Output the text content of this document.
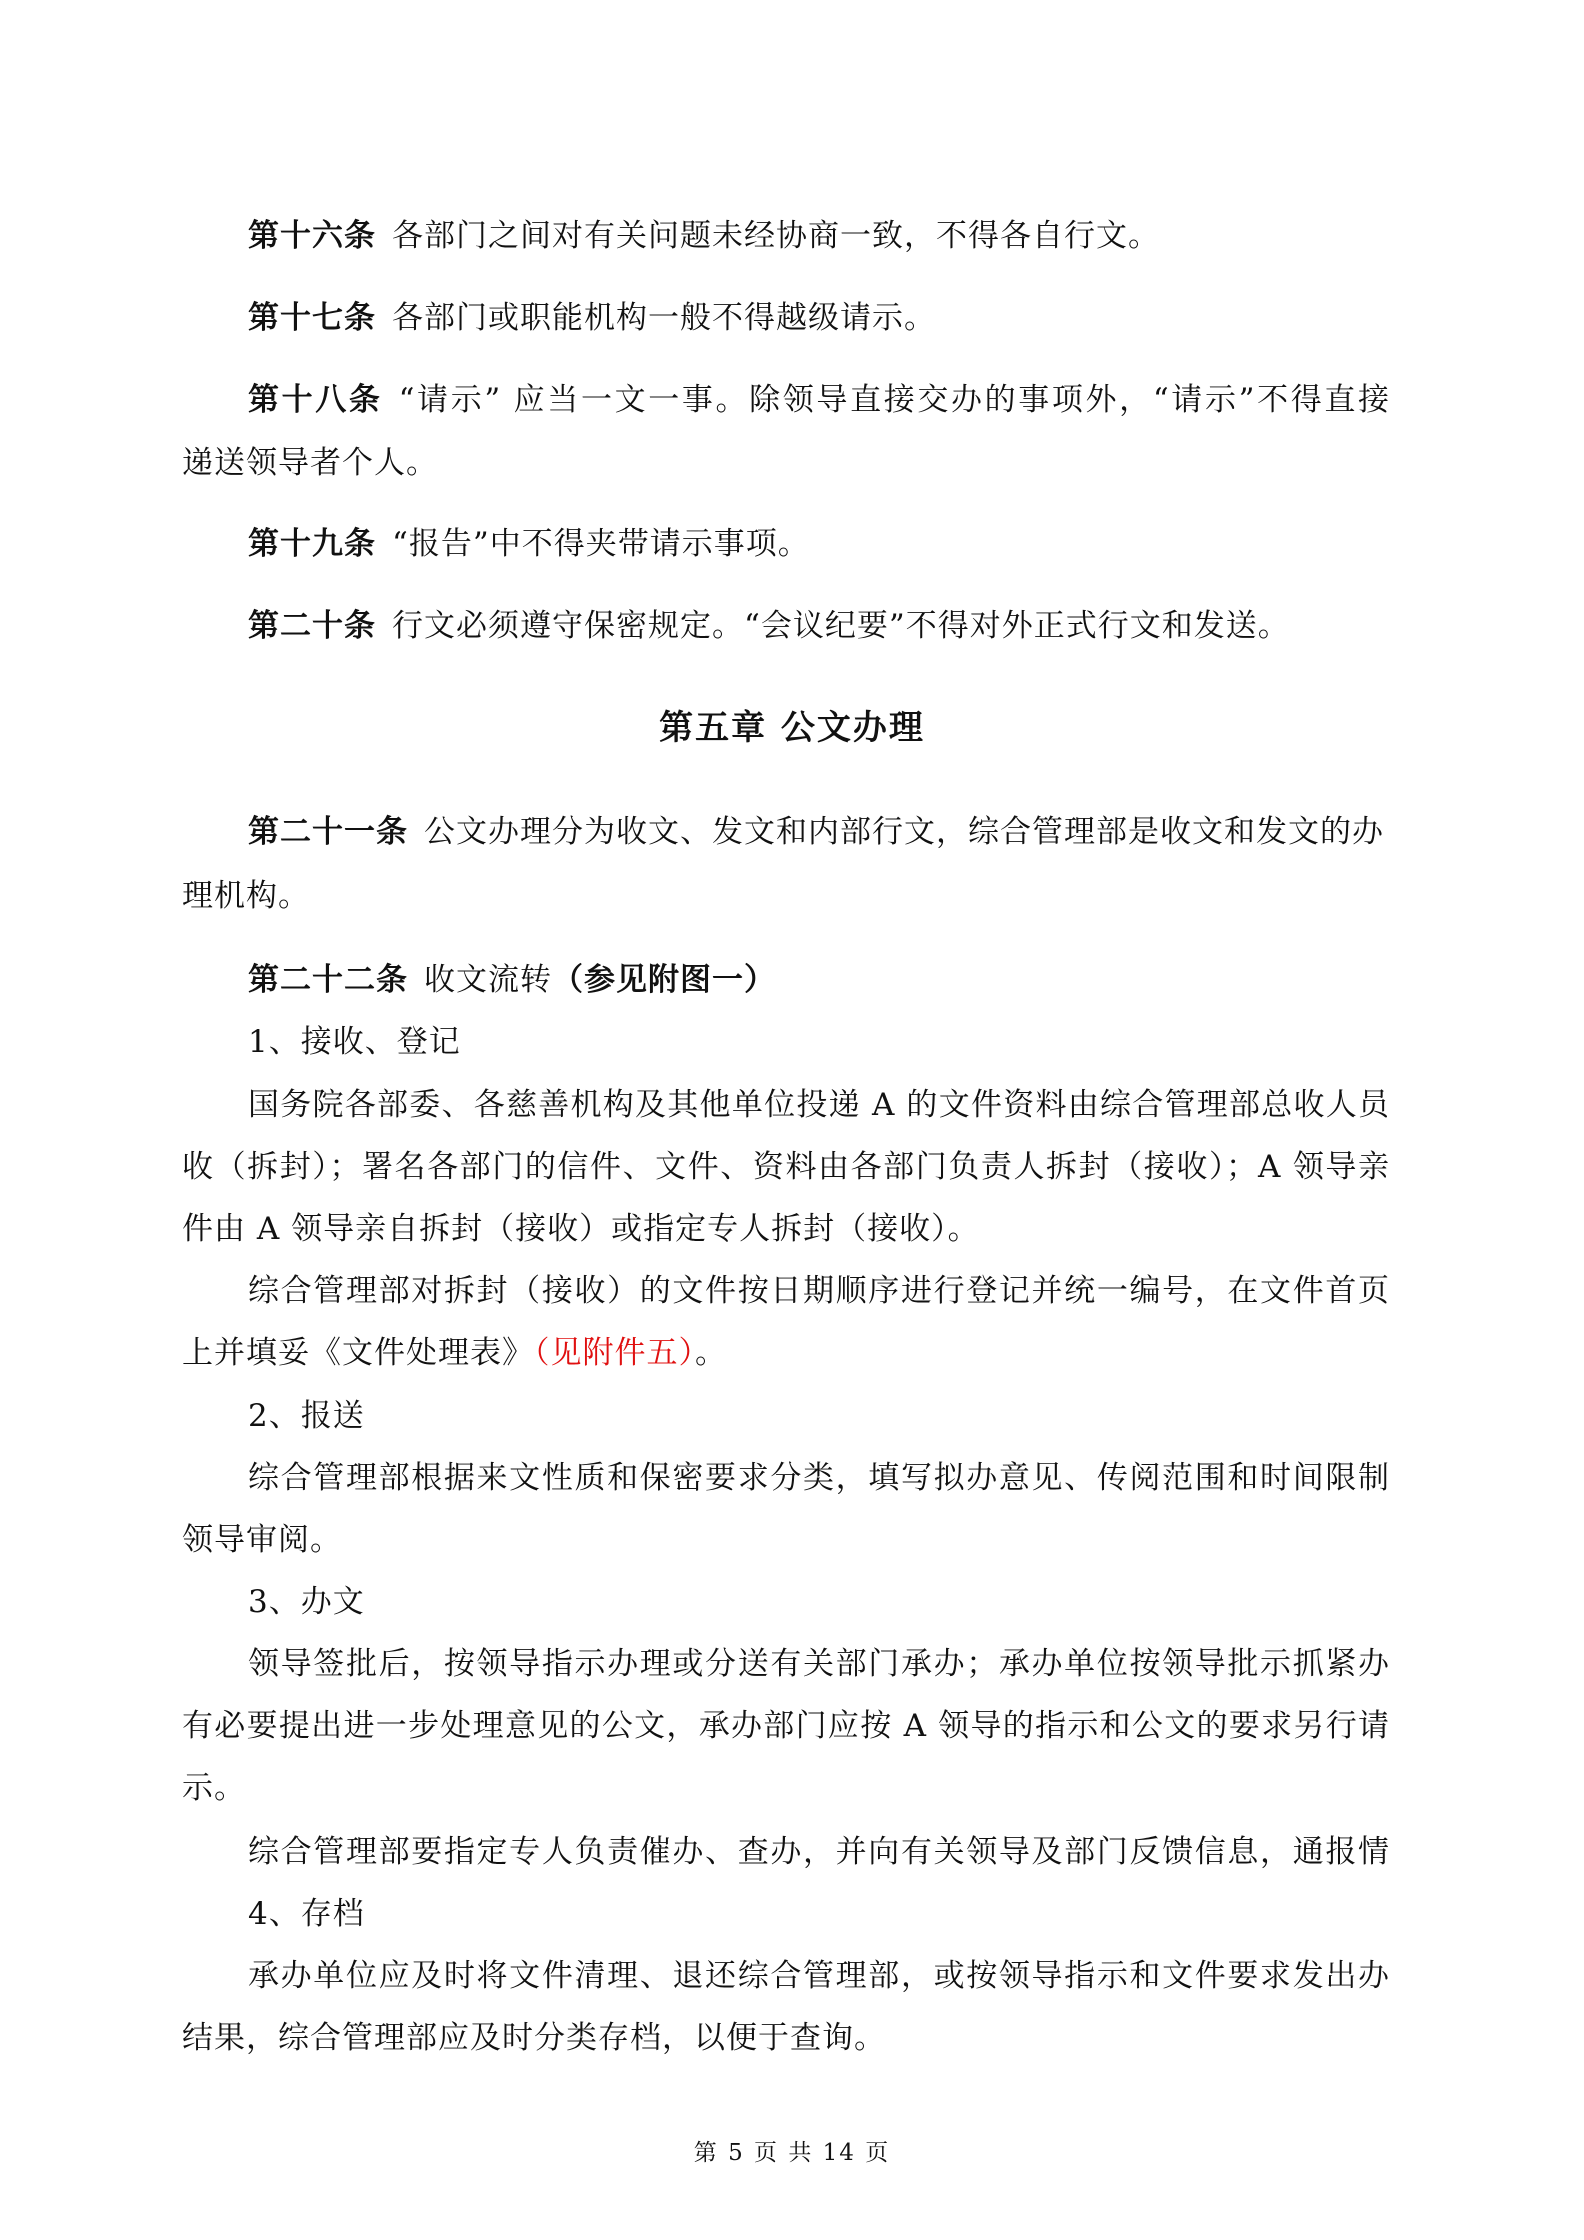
第十六条 各部门之间对有关问题未经协商一致，不得各自行文。
第十七条 各部门或职能机构一般不得越级请示。
第十八条 “请示” 应当一文一事。除领导直接交办的事项外，“请示”不得直接
递送领导者个人。
第十九条 “报告”中不得夹带请示事项。
第二十条 行文必须遵守保密规定。“会议纪要”不得对外正式行文和发送。
第五章 公文办理
第二十一条 公文办理分为收文、发文和内部行文，综合管理部是收文和发文的办
理机构。
第二十二条 收文流转（参见附图一）
1、接收、登记
国务院各部委、各慈善机构及其他单位投递 A 的文件资料由综合管理部总收人员
收（拆封）；署名各部门的信件、文件、资料由各部门负责人拆封（接收）；A 领导亲
件由 A 领导亲自拆封（接收）或指定专人拆封（接收）。
综合管理部对拆封（接收）的文件按日期顺序进行登记并统一编号，在文件首页
上并填妥《文件处理表》（见附件五）。
2、报送
综合管理部根据来文性质和保密要求分类，填写拟办意见、传阅范围和时间限制
领导审阅。
3、办文
领导签批后，按领导指示办理或分送有关部门承办；承办单位按领导批示抓紧办
有必要提出进一步处理意见的公文，承办部门应按 A 领导的指示和公文的要求另行请
示。
综合管理部要指定专人负责催办、查办，并向有关领导及部门反馈信息，通报情
4、存档
承办单位应及时将文件清理、退还综合管理部，或按领导指示和文件要求发出办
结果，综合管理部应及时分类存档，以便于查询。
第 5 页 共 14 页
